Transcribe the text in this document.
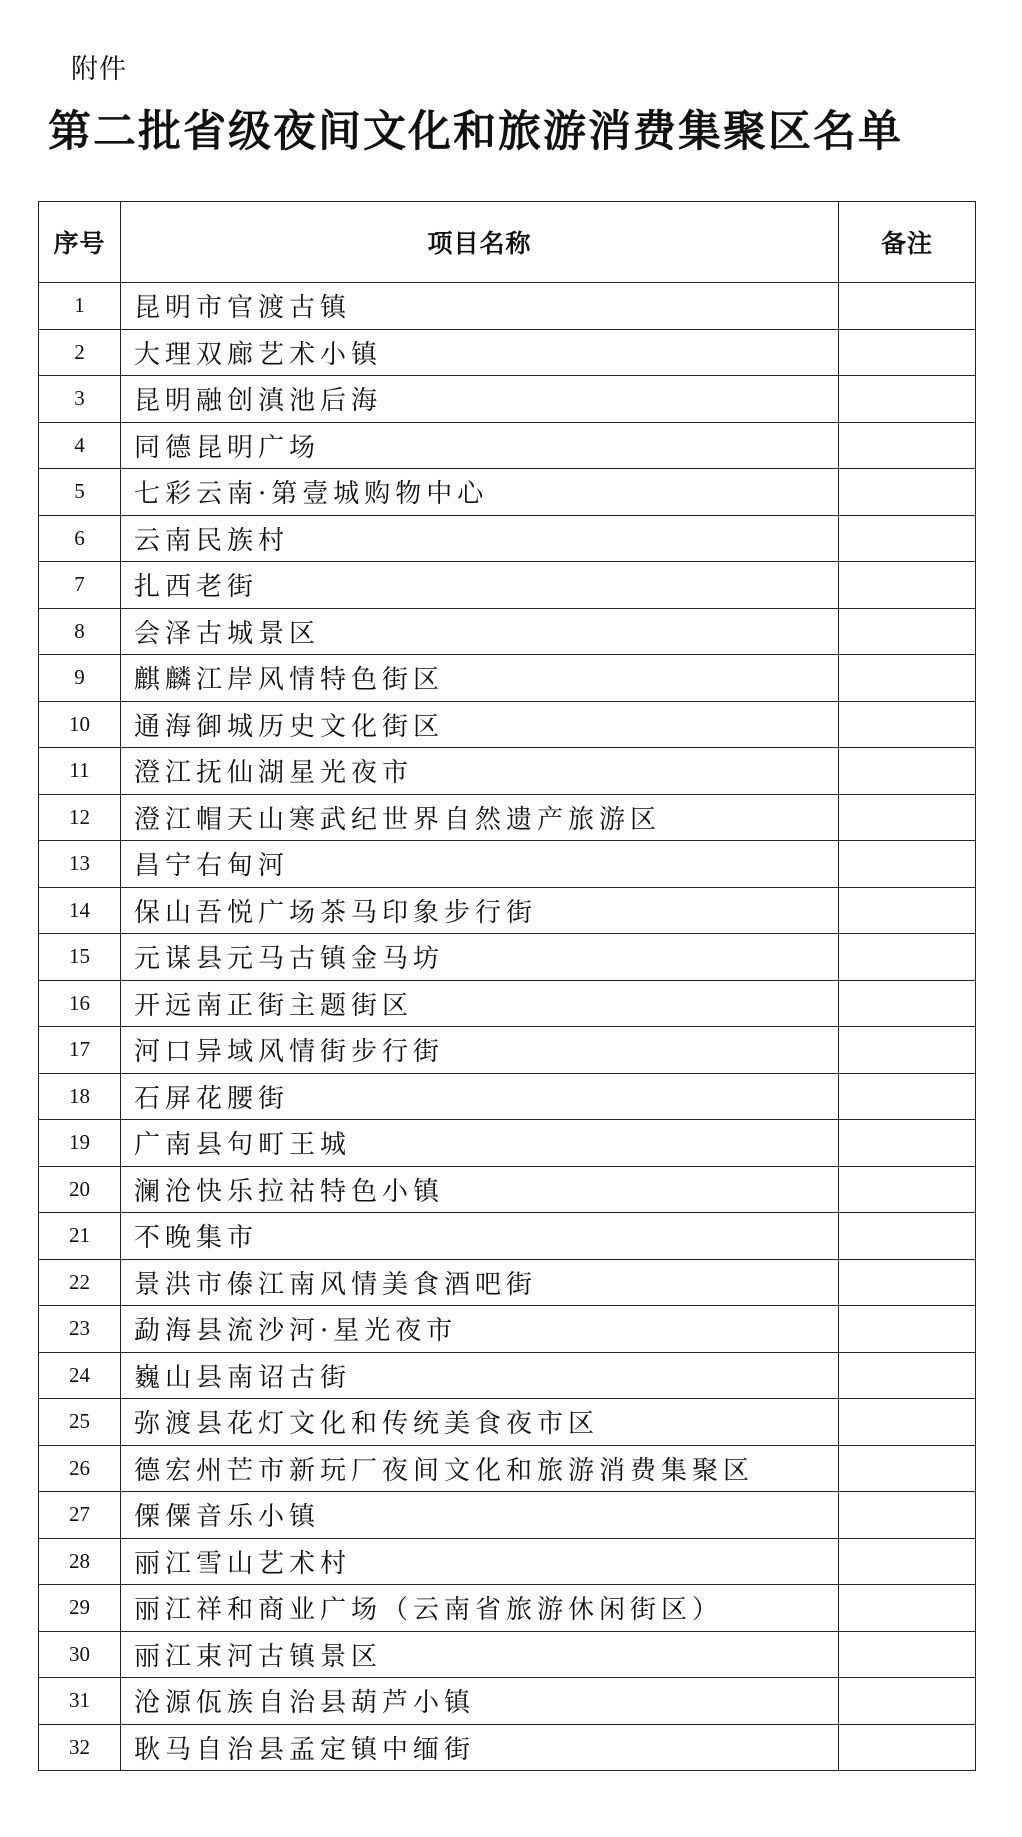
附件
第二批省级夜间文化和旅游消费集聚区名单
序号	项目名称	备注
1	昆明市官渡古镇	
2	大理双廊艺术小镇	
3	昆明融创滇池后海	
4	同德昆明广场	
5	七彩云南·第壹城购物中心	
6	云南民族村	
7	扎西老街	
8	会泽古城景区	
9	麒麟江岸风情特色街区	
10	通海御城历史文化街区	
11	澄江抚仙湖星光夜市	
12	澄江帽天山寒武纪世界自然遗产旅游区	
13	昌宁右甸河	
14	保山吾悦广场茶马印象步行街	
15	元谋县元马古镇金马坊	
16	开远南正街主题街区	
17	河口异域风情街步行街	
18	石屏花腰街	
19	广南县句町王城	
20	澜沧快乐拉祜特色小镇	
21	不晚集市	
22	景洪市傣江南风情美食酒吧街	
23	勐海县流沙河·星光夜市	
24	巍山县南诏古街	
25	弥渡县花灯文化和传统美食夜市区	
26	德宏州芒市新玩厂夜间文化和旅游消费集聚区	
27	傈僳音乐小镇	
28	丽江雪山艺术村	
29	丽江祥和商业广场（云南省旅游休闲街区）	
30	丽江束河古镇景区	
31	沧源佤族自治县葫芦小镇	
32	耿马自治县孟定镇中缅街	
